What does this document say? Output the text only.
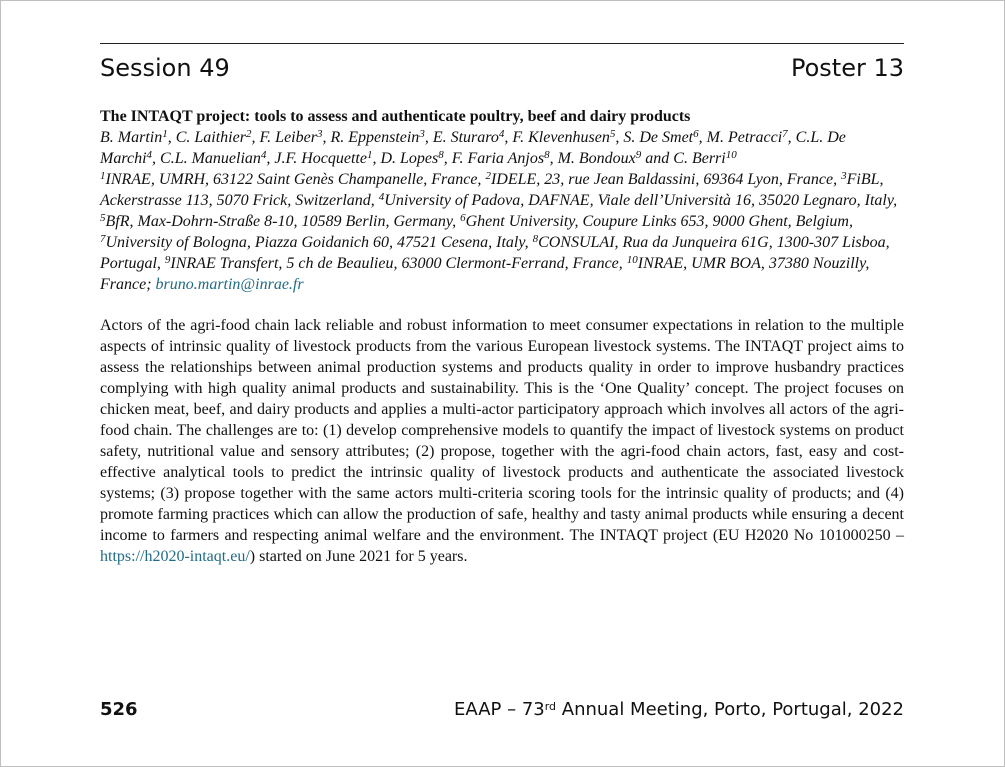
Session 49	Poster 13
The INTAQT project: tools to assess and authenticate poultry, beef and dairy products
B. Martin$^1$, C. Laithier$^2$, F. Leiber$^3$, R. Eppenstein$^3$, E. Sturaro$^4$, F. Klevenhusen$^5$, S. De Smet$^6$, M. Petracci$^7$, C.L. De Marchi$^4$, C.L. Manuelian$^4$, J.F. Hocquette$^1$, D. Lopes$^8$, F. Faria Anjos$^8$, M. Bondoux$^9$ and C. Berri$^{10}$
$^1$INRAE, UMRH, 63122 Saint Genès Champanelle, France, $^2$IDELE, 23, rue Jean Baldassini, 69364 Lyon, France, $^3$FiBL, Ackerstrasse 113, 5070 Frick, Switzerland, $^4$University of Padova, DAFNAE, Viale dell’Università 16, 35020 Legnaro, Italy, $^5$BfR, Max-Dohrn-Straße 8-10, 10589 Berlin, Germany, $^6$Ghent University, Coupure Links 653, 9000 Ghent, Belgium, $^7$University of Bologna, Piazza Goidanich 60, 47521 Cesena, Italy, $^8$CONSULAI, Rua da Junqueira 61G, 1300-307 Lisboa, Portugal, $^9$INRAE Transfert, 5 ch de Beaulieu, 63000 Clermont-Ferrand, France, $^{10}$INRAE, UMR BOA, 37380 Nouzilly, France; bruno.martin@inrae.fr
Actors of the agri-food chain lack reliable and robust information to meet consumer expectations in relation to the multiple aspects of intrinsic quality of livestock products from the various European livestock systems. The INTAQT project aims to assess the relationships between animal production systems and products quality in order to improve husbandry practices complying with high quality animal products and sustainability. This is the ‘One Quality’ concept. The project focuses on chicken meat, beef, and dairy products and applies a multi-actor participatory approach which involves all actors of the agri-food chain. The challenges are to: (1) develop comprehensive models to quantify the impact of livestock systems on product safety, nutritional value and sensory attributes; (2) propose, together with the agri-food chain actors, fast, easy and cost-effective analytical tools to predict the intrinsic quality of livestock products and authenticate the associated livestock systems; (3) propose together with the same actors multi-criteria scoring tools for the intrinsic quality of products; and (4) promote farming practices which can allow the production of safe, healthy and tasty animal products while ensuring a decent income to farmers and respecting animal welfare and the environment. The INTAQT project (EU H2020 No 101000250 – https://h2020-intaqt.eu/) started on June 2021 for 5 years.
526	EAAP – 73rd Annual Meeting, Porto, Portugal, 2022
